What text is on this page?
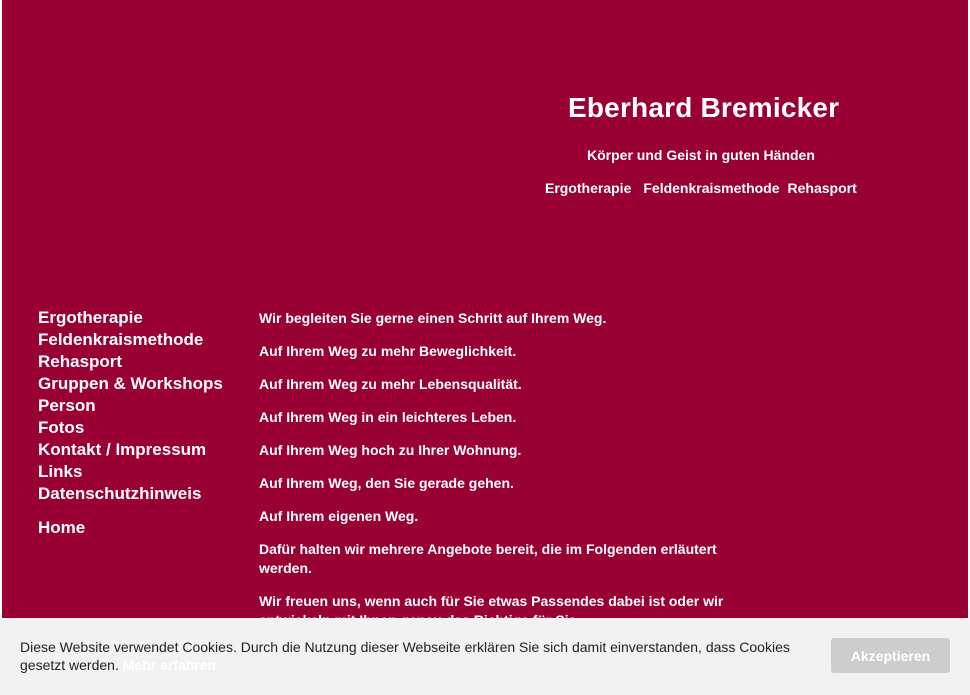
Eberhard Bremicker
Körper und Geist in guten Händen
Ergotherapie Feldenkraismethode Rehasport
Ergotherapie
Feldenkraismethode
Rehasport
Gruppen & Workshops
Person
Fotos
Kontakt / Impressum
Links
Datenschutzhinweis
Home

Wir begleiten Sie gerne einen Schritt auf Ihrem Weg.

Auf Ihrem Weg zu mehr Beweglichkeit.

Auf Ihrem Weg zu mehr Lebensqualität.

Auf Ihrem Weg in ein leichteres Leben.

Auf Ihrem Weg hoch zu Ihrer Wohnung.

Auf Ihrem Weg, den Sie gerade gehen.

Auf Ihrem eigenen Weg.

Dafür halten wir mehrere Angebote bereit, die im Folgenden erläutert werden.

Wir freuen uns, wenn auch für Sie etwas Passendes dabei ist oder wir

Diese Website verwendet Cookies. Durch die Nutzung dieser Webseite erklären Sie sich damit einverstanden, dass Cookies gesetzt werden. Mehr erfahren
Akzeptieren
